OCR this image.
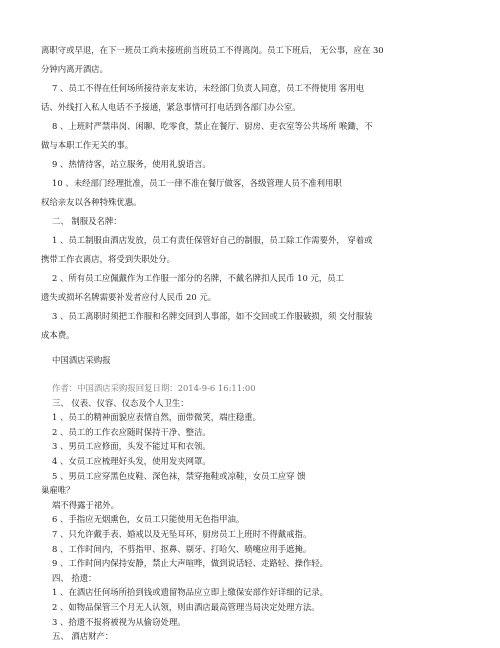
离职守或早退，在下一班员工尚未接班前当班员工不得离岗。员工下班后， 无公事，应在 30
分钟内离开酒店。
7 、员工不得在任何场所接待亲友来访，未经部门负责人同意，员工不得使用 客用电
话、外线打入私人电话不予接通，紧急事情可打电话到各部门办公室。
8 、上班时严禁串岗、闲聊、吃零食，禁止在餐厅、厨房、吏衣室等公共场所 喉鋤，不
做与本职工作无关的事。
9 、热情待客，站立服务，使用礼貌语言。
10 、未经部门经理批准，员工一律不准在餐厅做客，各级管理人员不准利用职
权给亲友以各种特殊优惠。
二、 制服及名牌：
1 、员工制服由酒店发放，员工有责任保管好自己的制服，员工除工作需要外， 穿着或
携带工作衣离店，将受到失职处分。
2 、所有员工应佩戴作为工作服一部分的名牌，不戴名牌扣人民币 10 元，员工
遗失或损坏名牌需要补发者应付人民币 20 元。
3 、员工离职时须把工作服和名牌交回到人事部，如不交回或工作服破损，须 交付服装
成本费。
中国酒店采购报
作者：中国酒店采购报回复日期：2014-9-6 16:11:00
三、 仪表、仪容、仪态及个人卫生：
1 、员工的精神面貌应表情自然，面带微笑，端庄稳重。
2 、员工的工作衣应随时保持干净、整洁。
3 、男员工应修面，头发不能过耳和衣领。
4 、女员工应梳理好头发，使用发夹网罩。
5 、男员工应穿黑色皮鞋、深色袜，禁穿拖鞋或凉鞋，女员工应穿 馈
巢雇唯？
端不得露于裙外。
6 、手指应无烟熏色，女员工只能使用无色指甲油。
7 、只允许戴手表、婚戒以及无坠耳环，厨房员工上班时不得戴戒指。
8 、工作时间内，不剪指甲、抠鼻、剔牙、打哈欠、喷嚏应用手遮掩。
9 、工作时间内保持安静，禁止大声喧哗，做到说话轻、走路轻、操作轻。
四、 拾遗：
1 、在酒店任何场所拾到钱或遗留物品应立即上缴保安部作好详细的记录。
2 、如物品保管三个月无人认领，则由酒店最高管理当局决定处理方法。
3 、拾遗不报将被视为从偷窃处理。
五、 酒店财产：
